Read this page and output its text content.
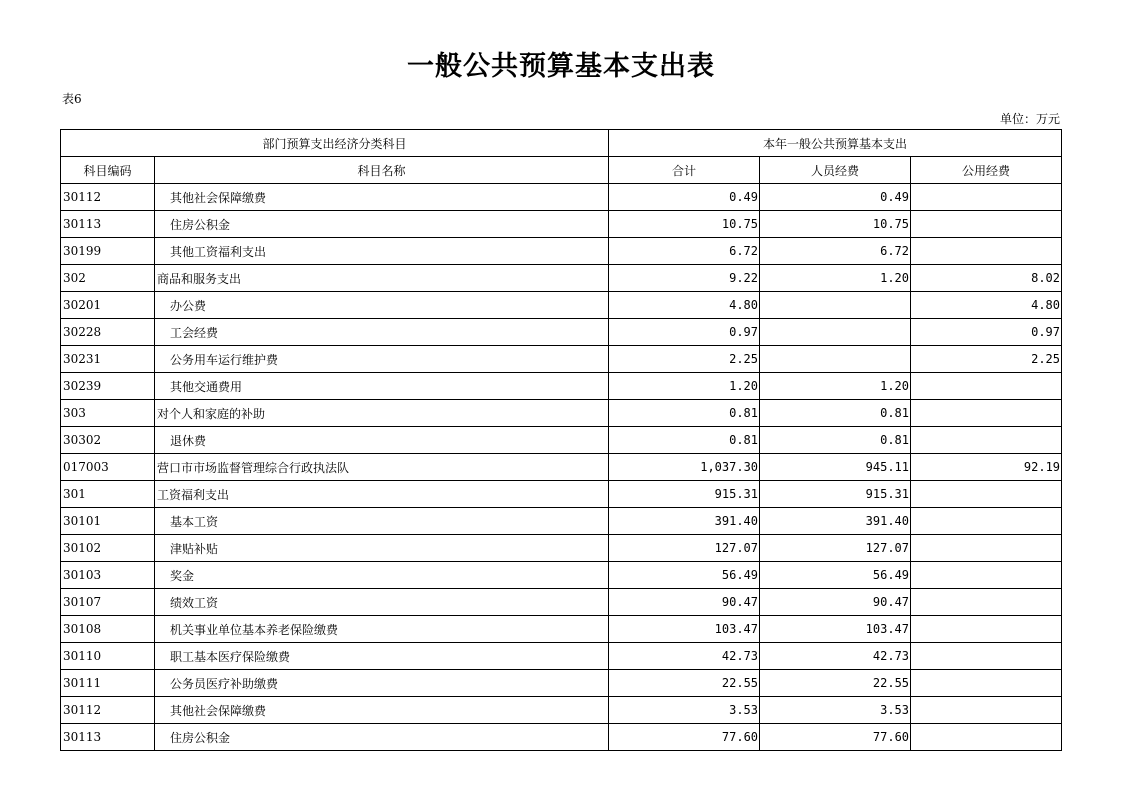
一般公共预算基本支出表
表6
单位：万元
部门预算支出经济分类科目		本年一般公共预算基本支出		
科目编码	科目名称	合计	人员经费	公用经费
30112	其他社会保障缴费	0.49	0.49	
30113	住房公积金	10.75	10.75	
30199	其他工资福利支出	6.72	6.72	
302	商品和服务支出	9.22	1.20	8.02
30201	办公费	4.80		4.80
30228	工会经费	0.97		0.97
30231	公务用车运行维护费	2.25		2.25
30239	其他交通费用	1.20	1.20	
303	对个人和家庭的补助	0.81	0.81	
30302	退休费	0.81	0.81	
017003	营口市市场监督管理综合行政执法队	1,037.30	945.11	92.19
301	工资福利支出	915.31	915.31	
30101	基本工资	391.40	391.40	
30102	津贴补贴	127.07	127.07	
30103	奖金	56.49	56.49	
30107	绩效工资	90.47	90.47	
30108	机关事业单位基本养老保险缴费	103.47	103.47	
30110	职工基本医疗保险缴费	42.73	42.73	
30111	公务员医疗补助缴费	22.55	22.55	
30112	其他社会保障缴费	3.53	3.53	
30113	住房公积金	77.60	77.60	
